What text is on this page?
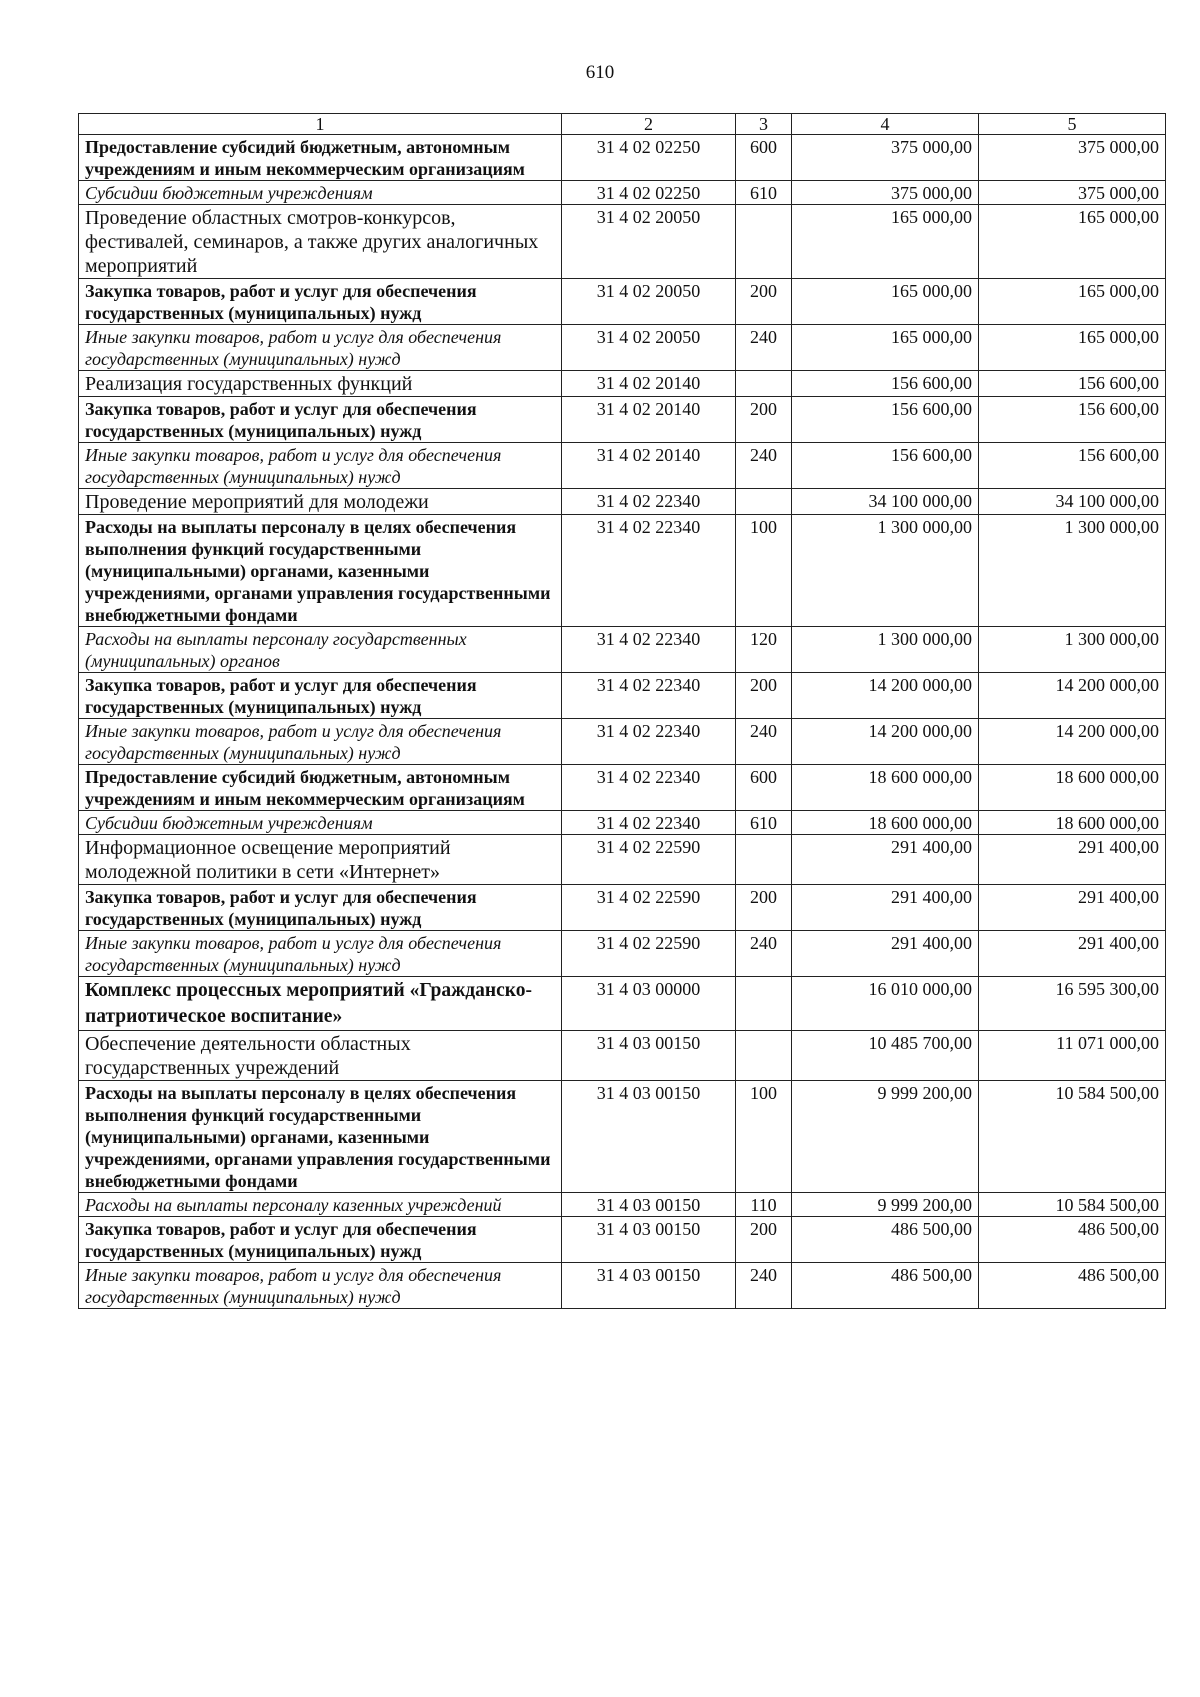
610
1	2	3	4	5
Предоставление субсидий бюджетным, автономным учреждениям и иным некоммерческим организациям	31 4 02 02250	600	375 000,00	375 000,00
Субсидии бюджетным учреждениям	31 4 02 02250	610	375 000,00	375 000,00
Проведение областных смотров-конкурсов, фестивалей, семинаров, а также других аналогичных мероприятий	31 4 02 20050		165 000,00	165 000,00
Закупка товаров, работ и услуг для обеспечения государственных (муниципальных) нужд	31 4 02 20050	200	165 000,00	165 000,00
Иные закупки товаров, работ и услуг для обеспечения государственных (муниципальных) нужд	31 4 02 20050	240	165 000,00	165 000,00
Реализация государственных функций	31 4 02 20140		156 600,00	156 600,00
Закупка товаров, работ и услуг для обеспечения государственных (муниципальных) нужд	31 4 02 20140	200	156 600,00	156 600,00
Иные закупки товаров, работ и услуг для обеспечения государственных (муниципальных) нужд	31 4 02 20140	240	156 600,00	156 600,00
Проведение мероприятий для молодежи	31 4 02 22340		34 100 000,00	34 100 000,00
Расходы на выплаты персоналу в целях обеспечения выполнения функций государственными (муниципальными) органами, казенными учреждениями, органами управления государственными внебюджетными фондами	31 4 02 22340	100	1 300 000,00	1 300 000,00
Расходы на выплаты персоналу государственных (муниципальных) органов	31 4 02 22340	120	1 300 000,00	1 300 000,00
Закупка товаров, работ и услуг для обеспечения государственных (муниципальных) нужд	31 4 02 22340	200	14 200 000,00	14 200 000,00
Иные закупки товаров, работ и услуг для обеспечения государственных (муниципальных) нужд	31 4 02 22340	240	14 200 000,00	14 200 000,00
Предоставление субсидий бюджетным, автономным учреждениям и иным некоммерческим организациям	31 4 02 22340	600	18 600 000,00	18 600 000,00
Субсидии бюджетным учреждениям	31 4 02 22340	610	18 600 000,00	18 600 000,00
Информационное освещение мероприятий молодежной политики в сети «Интернет»	31 4 02 22590		291 400,00	291 400,00
Закупка товаров, работ и услуг для обеспечения государственных (муниципальных) нужд	31 4 02 22590	200	291 400,00	291 400,00
Иные закупки товаров, работ и услуг для обеспечения государственных (муниципальных) нужд	31 4 02 22590	240	291 400,00	291 400,00
Комплекс процессных мероприятий «Гражданско-патриотическое воспитание»	31 4 03 00000		16 010 000,00	16 595 300,00
Обеспечение деятельности областных государственных учреждений	31 4 03 00150		10 485 700,00	11 071 000,00
Расходы на выплаты персоналу в целях обеспечения выполнения функций государственными (муниципальными) органами, казенными учреждениями, органами управления государственными внебюджетными фондами	31 4 03 00150	100	9 999 200,00	10 584 500,00
Расходы на выплаты персоналу казенных учреждений	31 4 03 00150	110	9 999 200,00	10 584 500,00
Закупка товаров, работ и услуг для обеспечения государственных (муниципальных) нужд	31 4 03 00150	200	486 500,00	486 500,00
Иные закупки товаров, работ и услуг для обеспечения государственных (муниципальных) нужд	31 4 03 00150	240	486 500,00	486 500,00
